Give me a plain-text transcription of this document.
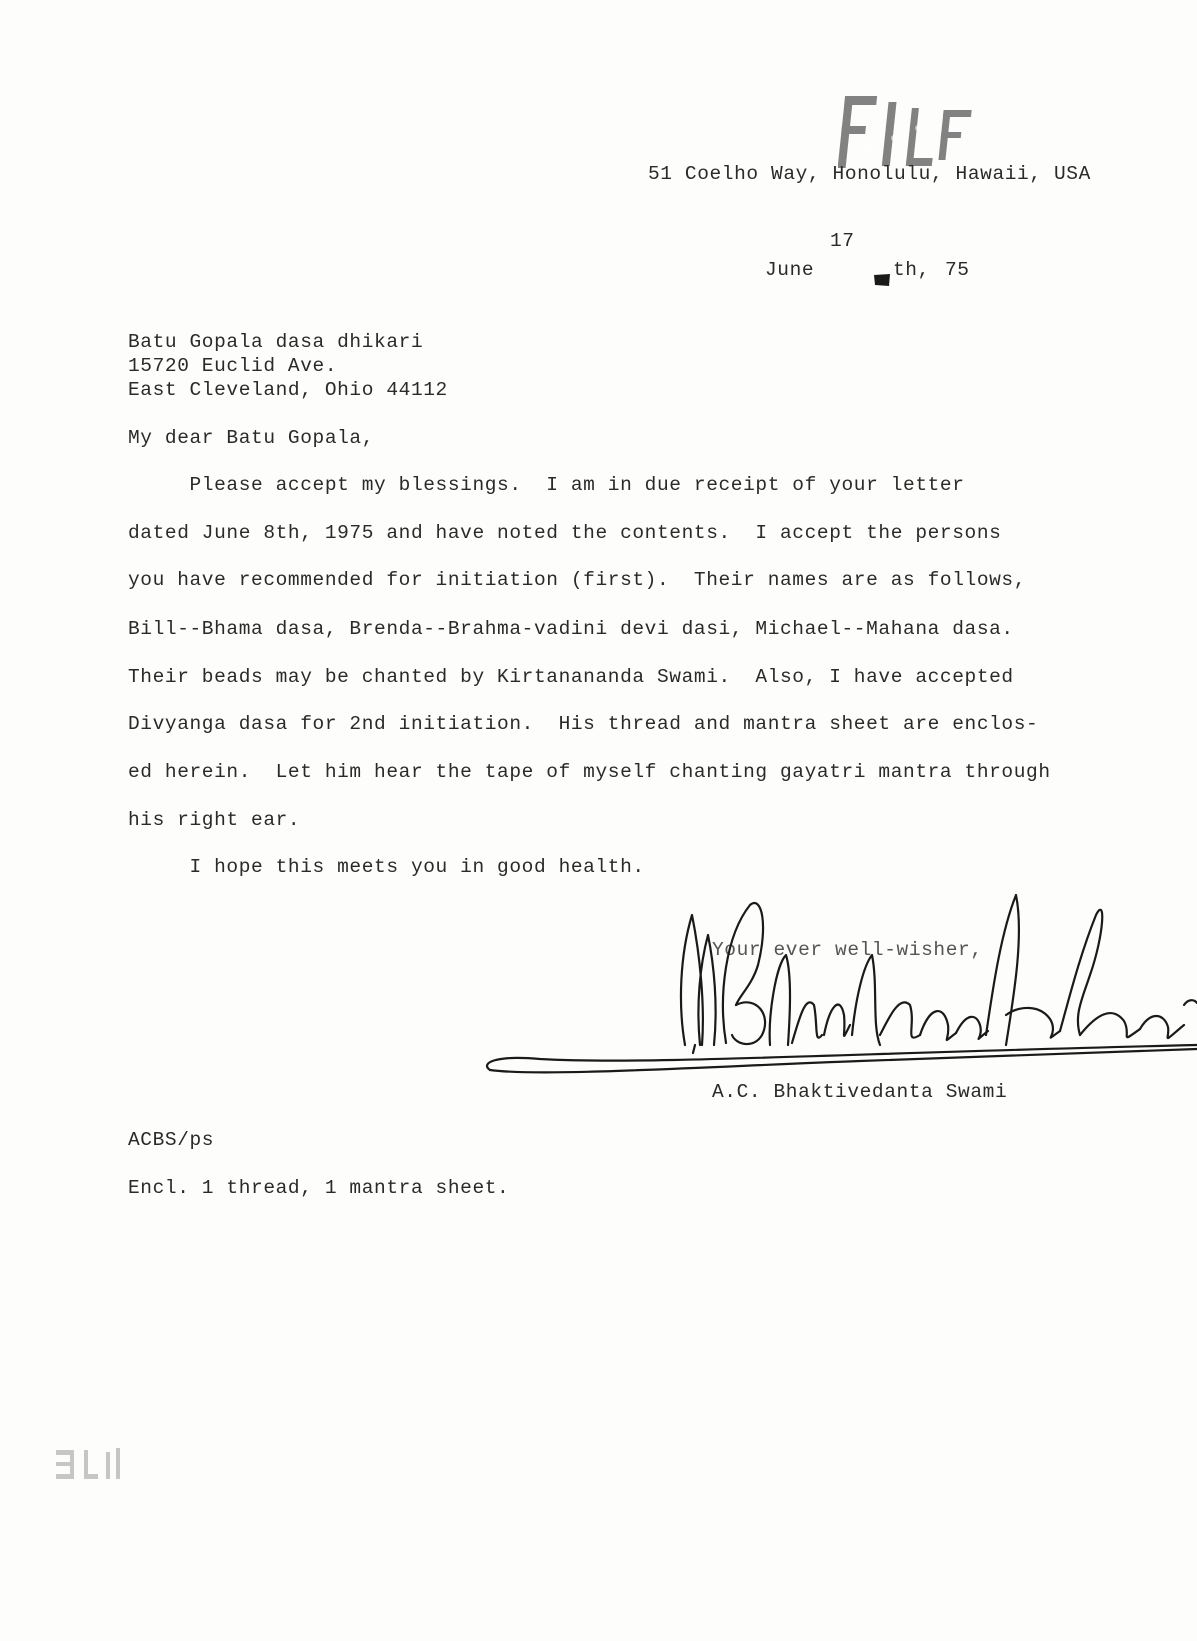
51 Coelho Way, Honolulu, Hawaii, USA
17
June	th, 75
Batu Gopala dasa dhikari
15720 Euclid Ave.
East Cleveland, Ohio 44112
My dear Batu Gopala,
Please accept my blessings.  I am in due receipt of your letter
dated June 8th, 1975 and have noted the contents.  I accept the persons
you have recommended for initiation (first).  Their names are as follows,
Bill--Bhama dasa, Brenda--Brahma-vadini devi dasi, Michael--Mahana dasa.
Their beads may be chanted by Kirtanananda Swami.  Also, I have accepted
Divyanga dasa for 2nd initiation.  His thread and mantra sheet are enclos-
ed herein.  Let him hear the tape of myself chanting gayatri mantra through
his right ear.
I hope this meets you in good health.
Your ever well-wisher,
A.C. Bhaktivedanta Swami
ACBS/ps
Encl. 1 thread, 1 mantra sheet.
